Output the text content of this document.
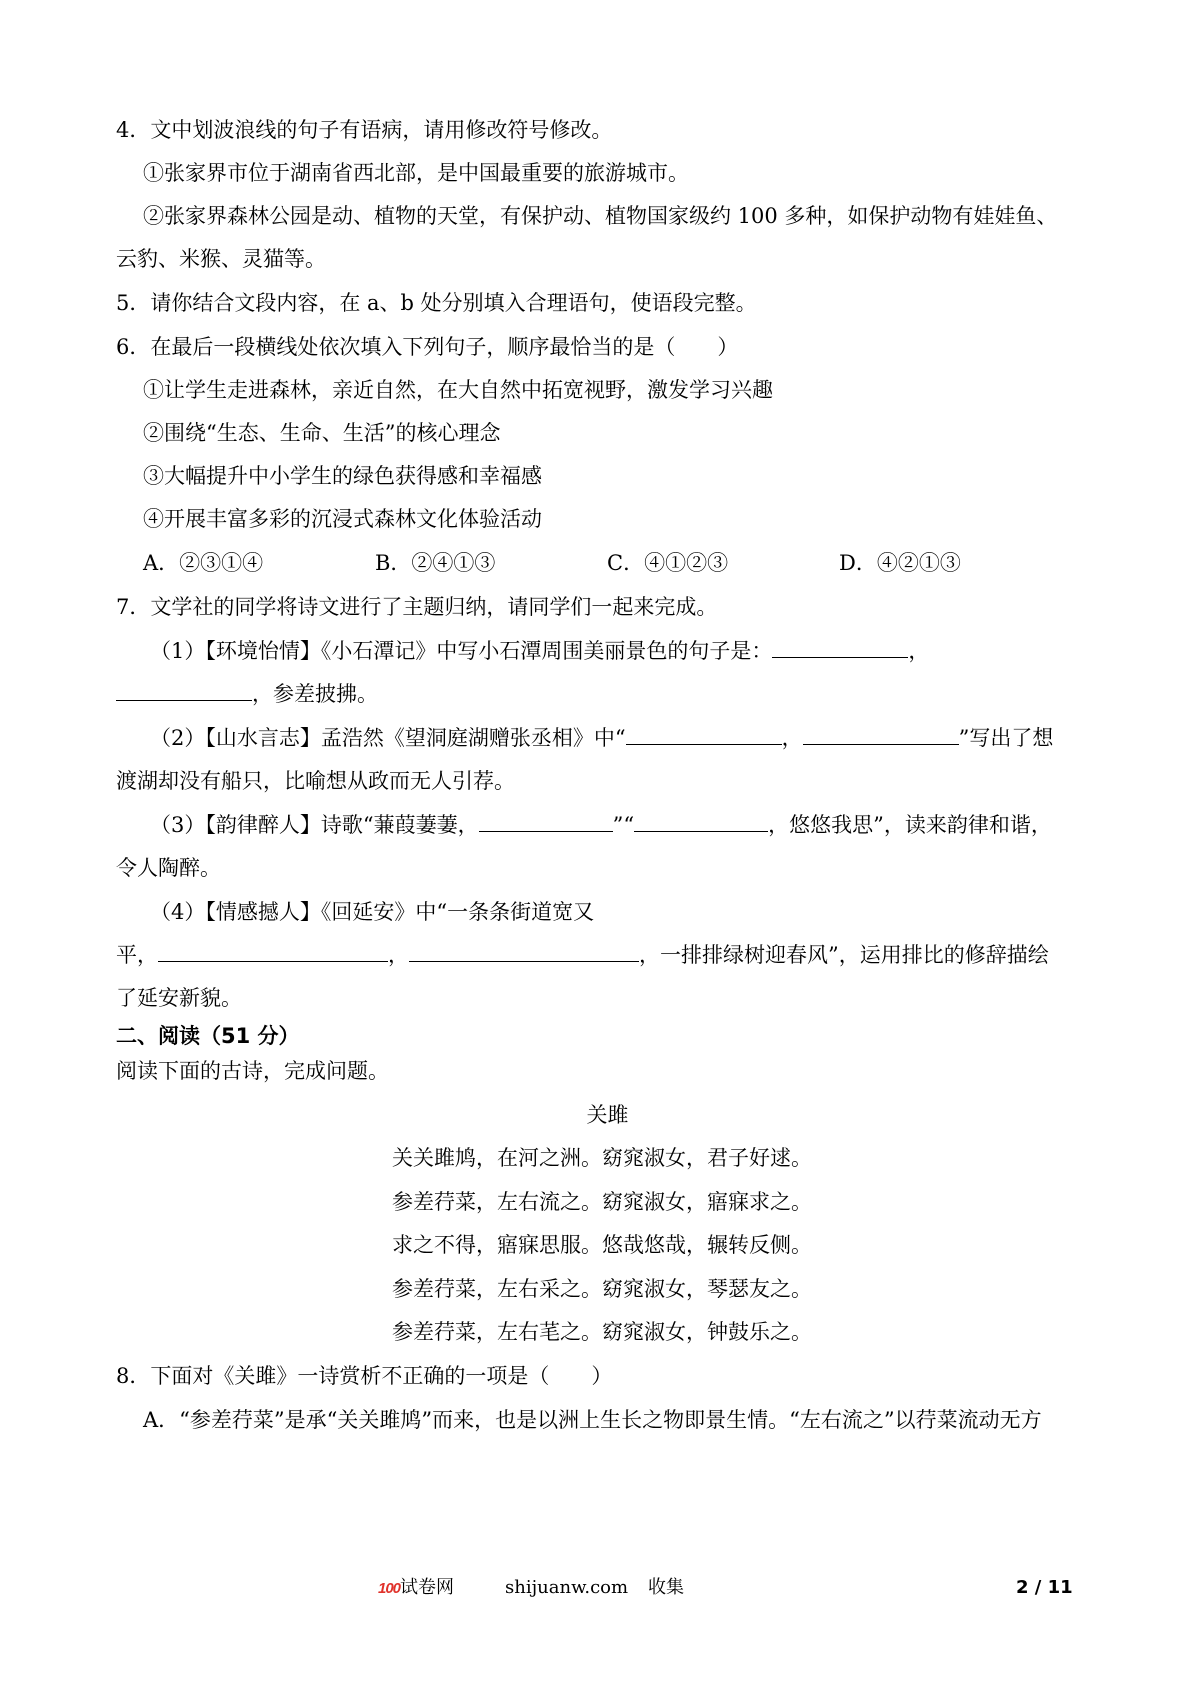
4．文中划波浪线的句子有语病，请用修改符号修改。
①张家界市位于湖南省西北部，是中国最重要的旅游城市。
②张家界森林公园是动、植物的天堂，有保护动、植物国家级约 100 多种，如保护动物有娃娃鱼、
云豹、米猴、灵猫等。
5．请你结合文段内容，在 a、b 处分别填入合理语句，使语段完整。
6．在最后一段横线处依次填入下列句子，顺序最恰当的是（　　）
①让学生走进森林，亲近自然，在大自然中拓宽视野，激发学习兴趣
②围绕“生态、生命、生活”的核心理念
③大幅提升中小学生的绿色获得感和幸福感
④开展丰富多彩的沉浸式森林文化体验活动
A．②③①④	B．②④①③	C．④①②③	D．④②①③
7．文学社的同学将诗文进行了主题归纳，请同学们一起来完成。
（1）【环境怡情】《小石潭记》中写小石潭周围美丽景色的句子是：	，
，参差披拂。
（2）【山水言志】孟浩然《望洞庭湖赠张丞相》中“	，	”写出了想
渡湖却没有船只，比喻想从政而无人引荐。
（3）【韵律醉人】诗歌“蒹葭萋萋，	”“	，悠悠我思”，读来韵律和谐，
令人陶醉。
（4）【情感撼人】《回延安》中“一条条街道宽又
平，	，	，一排排绿树迎春风”，运用排比的修辞描绘
了延安新貌。
二、阅读（51 分）
阅读下面的古诗，完成问题。
关雎
关关雎鸠，在河之洲。窈窕淑女，君子好逑。
参差荇菜，左右流之。窈窕淑女，寤寐求之。
求之不得，寤寐思服。悠哉悠哉，辗转反侧。
参差荇菜，左右采之。窈窕淑女，琴瑟友之。
参差荇菜，左右芼之。窈窕淑女，钟鼓乐之。
8．下面对《关雎》一诗赏析不正确的一项是（　　）
A．“参差荇菜”是承“关关雎鸠”而来，也是以洲上生长之物即景生情。“左右流之”以荇菜流动无方
100试卷网	shijuanw.com 收集	2 / 11
